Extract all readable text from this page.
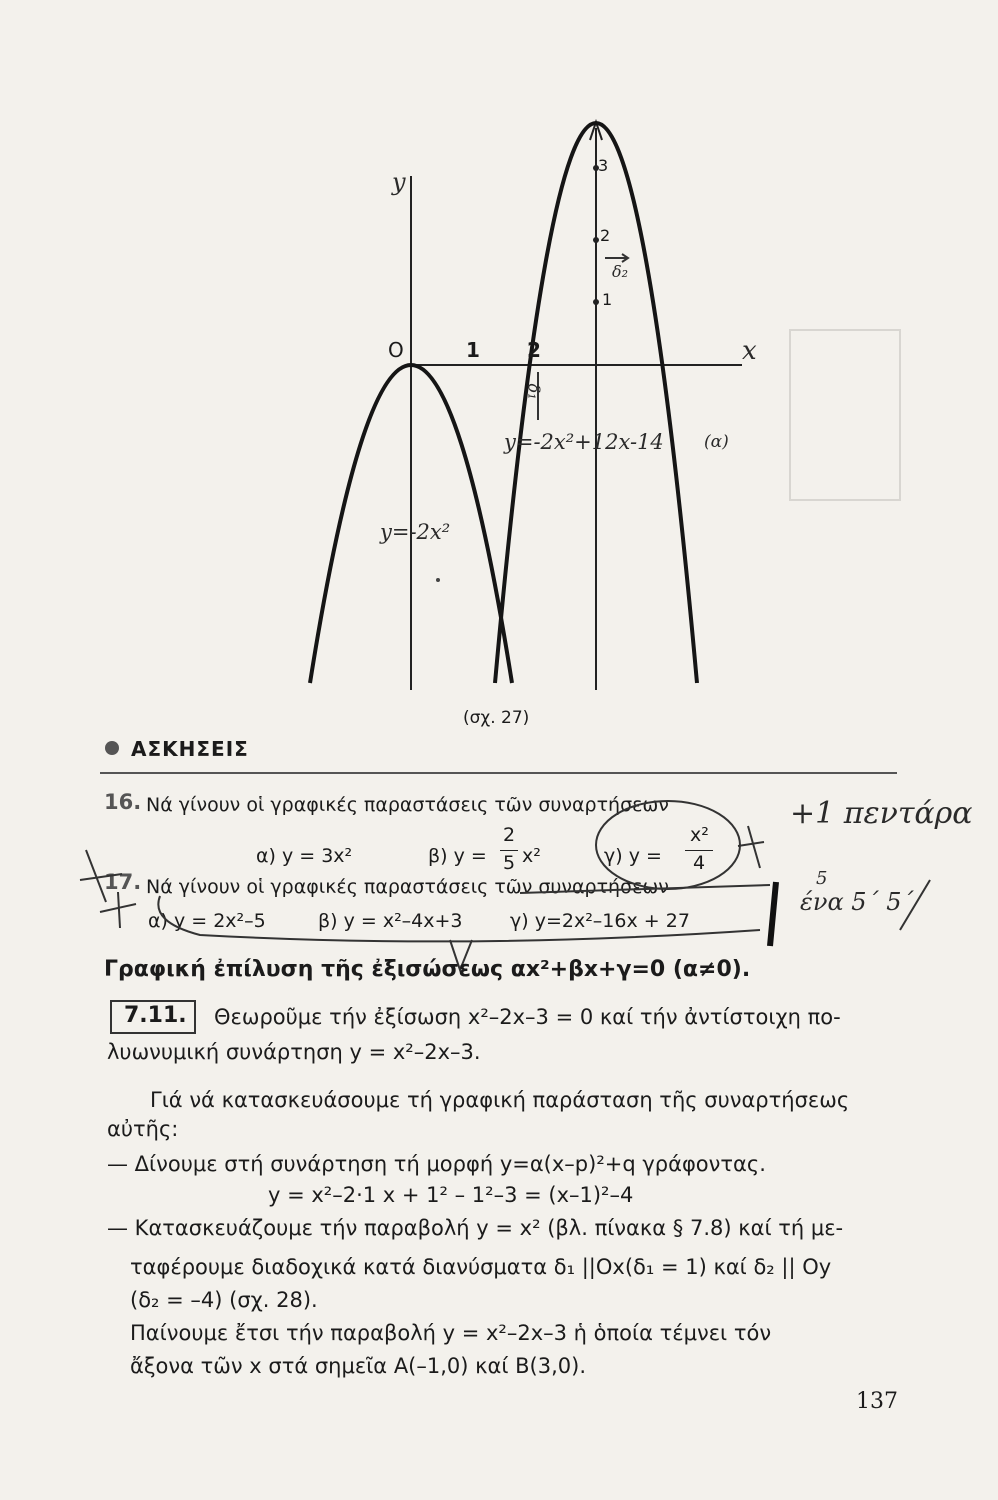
y
x
O	1 2
1
2
3
δ₁
δ₂
y=-2x²+12x-14 (α)
y=-2x²
(σχ. 27)
ΑΣΚΗΣΕΙΣ
16. Νά γίνουν οἱ γραφικές παραστάσεις τῶν συναρτήσεων
α) y = 3x²	β) y =
2
5 x²	γ) y =
x²
4
17. Νά γίνουν οἱ γραφικές παραστάσεις τῶν συναρτήσεων
α) y = 2x²–5	β) y = x²–4x+3 γ) y=2x²–16x + 27
+1 πεντάρα
5
ένα 5΄ 5΄
Γραφική ἐπίλυση τῆς ἐξισώσεως αx²+βx+γ=0 (α≠0).
7.11. Θεωροῦμε τήν ἐξίσωση x²–2x–3 = 0 καί τήν ἀντίστοιχη πο-
λυωνυμική συνάρτηση y = x²–2x–3.
Γιά νά κατασκευάσουμε τή γραφική παράσταση τῆς συναρτήσεως
αὐτῆς:
— Δίνουμε στή συνάρτηση τή μορφή y=α(x–p)²+q γράφοντας.
y = x²–2·1 x + 1² – 1²–3 = (x–1)²–4
— Κατασκευάζουμε τήν παραβολή y = x² (βλ. πίνακα § 7.8) καί τή με-
ταφέρουμε διαδοχικά κατά διανύσματα δ₁ ||Ox(δ₁ = 1) καί δ₂ || Oy
(δ₂ = –4) (σχ. 28).
Παίνουμε ἔτσι τήν παραβολή y = x²–2x–3 ἡ ὁποία τέμνει τόν
ἄξονα τῶν x στά σημεῖα A(–1,0) καί B(3,0).
137
